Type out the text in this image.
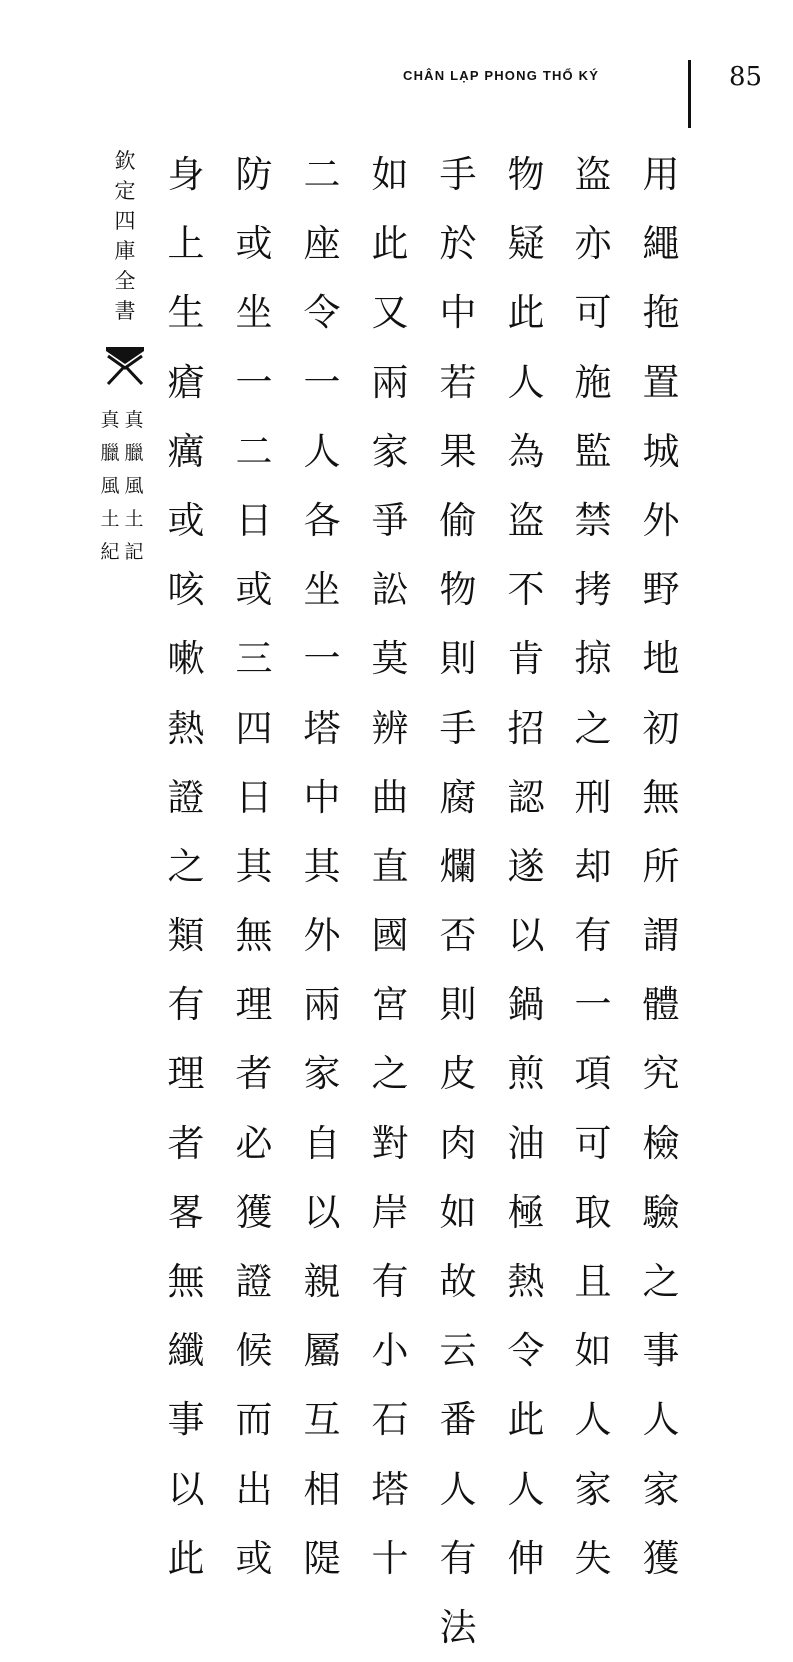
CHÂN LẠP PHONG THỔ KÝ	85
用
繩
拖
置
城
外
野
地
初
無
所
謂
體
究
檢
驗
之
事
人
家
獲
盗
亦
可
施
監
禁
拷
掠
之
刑
却
有
一
項
可
取
且
如
人
家
失
物
疑
此
人
為
盗
不
肯
招
認
遂
以
鍋
煎
油
極
熱
令
此
人
伸
手
於
中
若
果
偷
物
則
手
腐
爛
否
則
皮
肉
如
故
云
番
人
有
法
如
此
又
兩
家
爭
訟
莫
辨
曲
直
國
宮
之
對
岸
有
小
石
塔
十
二
座
令
一
人
各
坐
一
塔
中
其
外
兩
家
自
以
親
屬
互
相
隄
防
或
坐
一
二
日
或
三
四
日
其
無
理
者
必
獲
證
候
而
出
或
身
上
生
瘡
癘
或
咳
嗽
熱
證
之
類
有
理
者
畧
無
纖
事
以
此
欽
定
四
庫
全
書
真
臘
風
土
記
真
臘
風
土
紀
